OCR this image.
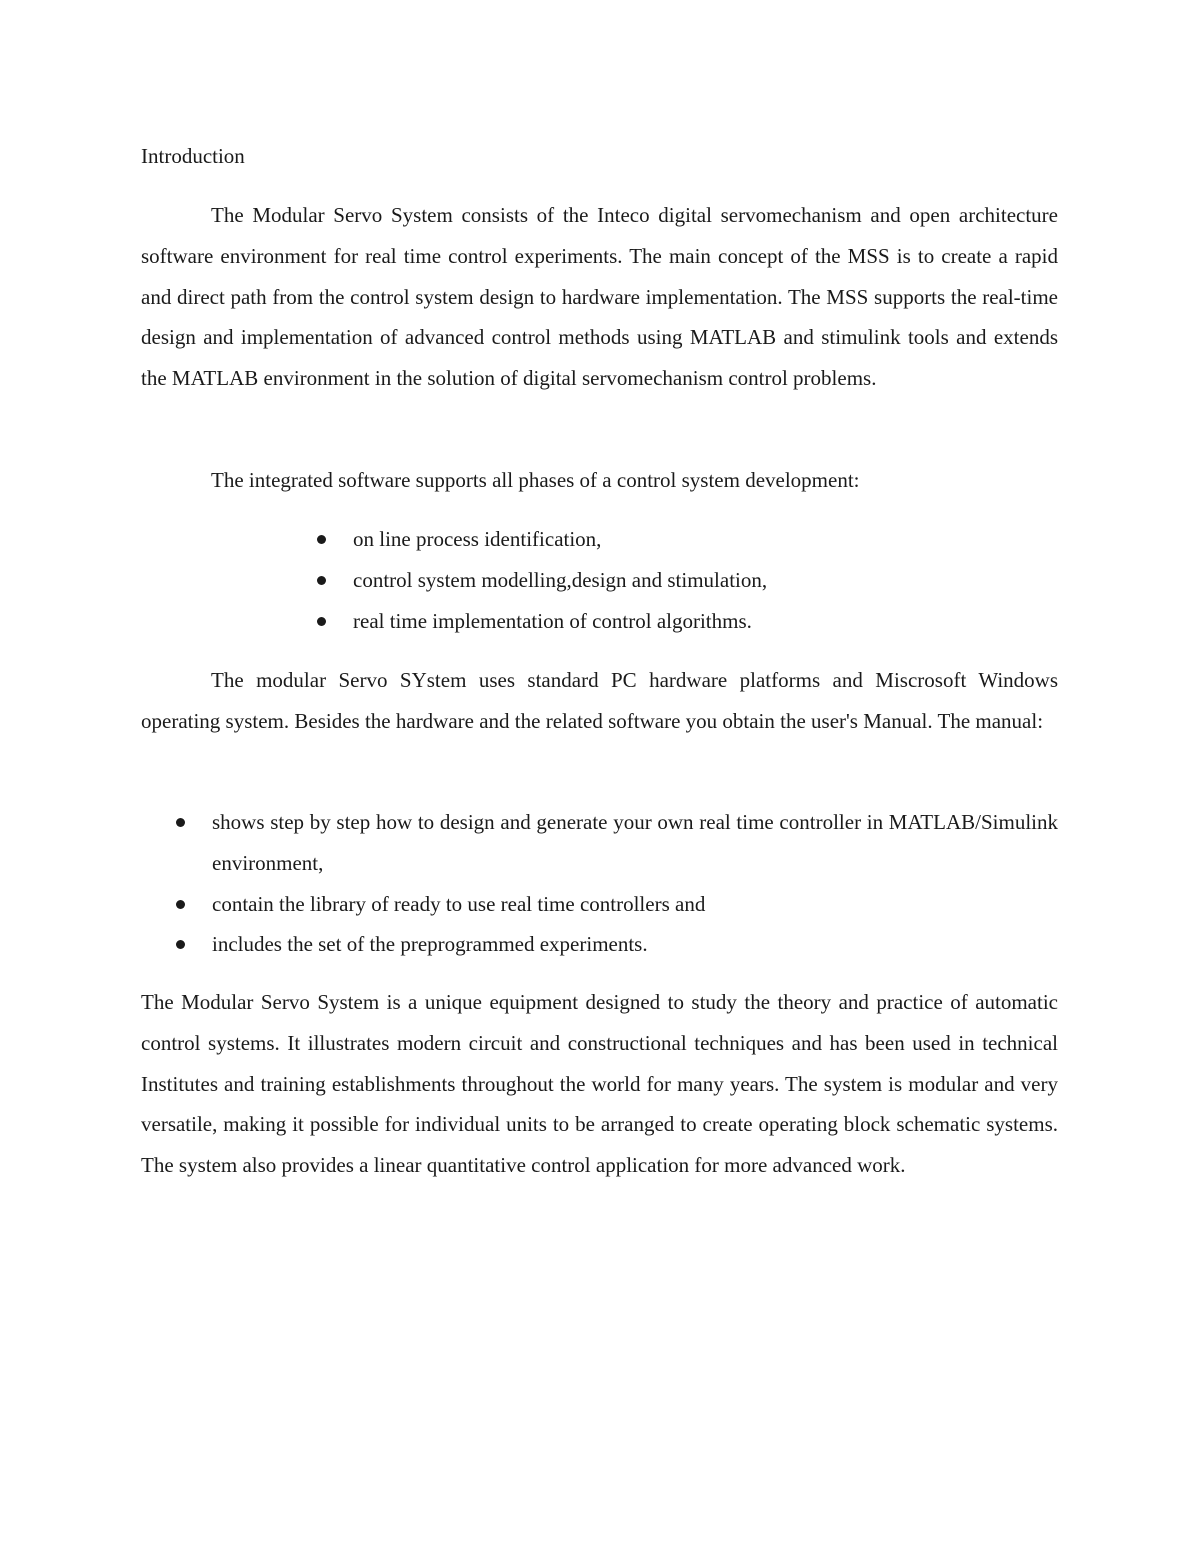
Introduction

The Modular Servo System consists of the Inteco digital servomechanism and open architecture software environment for real time control experiments. The main concept of the MSS is to create a rapid and direct path from the control system design to hardware implementation. The MSS supports the real-time design and implementation of advanced control methods using MATLAB and stimulink tools and extends the MATLAB environment in the solution of digital servomechanism control problems.

The integrated software supports all phases of a control system development:

on line process identification,
control system modelling,design and stimulation,
real time implementation of control algorithms.

The modular Servo SYstem uses standard PC hardware platforms and Miscrosoft Windows operating system. Besides the hardware and the related software you obtain the user's Manual. The manual:

shows step by step how to design and generate your own real time controller in MATLAB/Simulink environment,
contain the library of ready to use real time controllers and
includes the set of the preprogrammed experiments.

The Modular Servo System is a unique equipment designed to study the theory and practice of automatic control systems. It illustrates modern circuit and constructional techniques and has been used in technical Institutes and training establishments throughout the world for many years. The system is modular and very versatile, making it possible for individual units to be arranged to create operating block schematic systems. The system also provides a linear quantitative control application for more advanced work.
